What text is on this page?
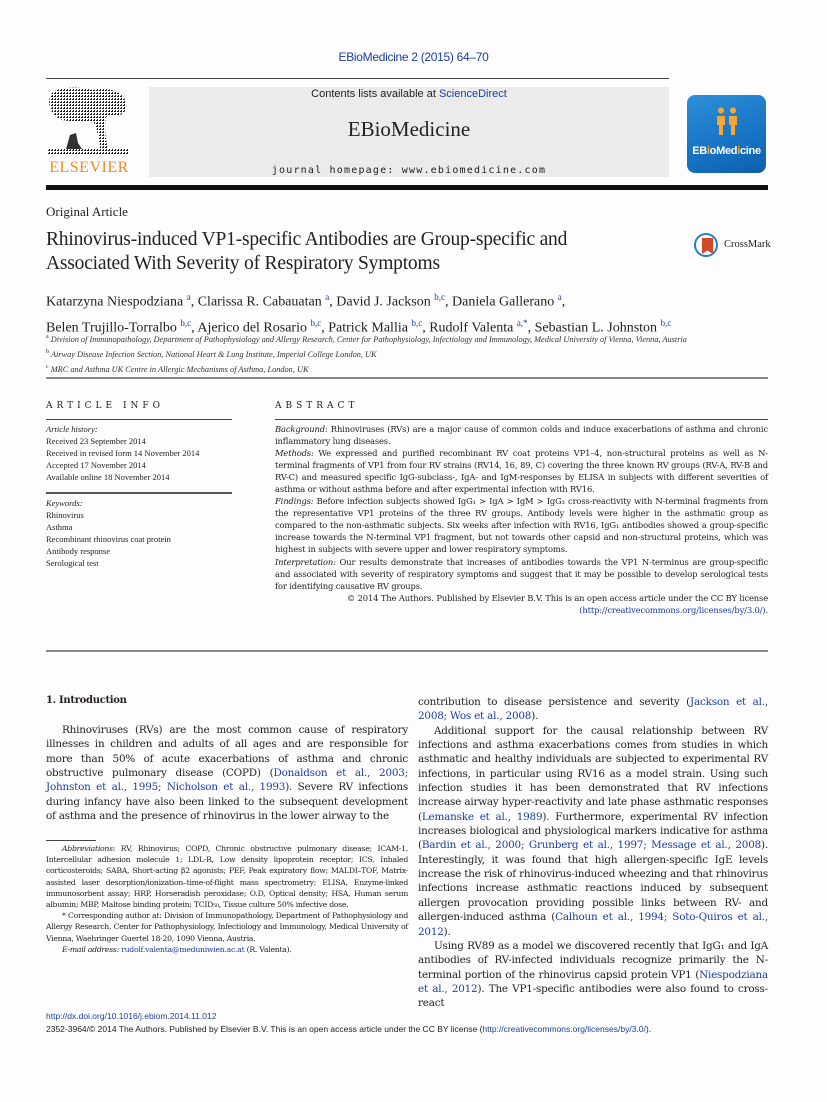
EBioMedicine 2 (2015) 64–70
ELSEVIER
Contents lists available at ScienceDirect
EBioMedicine
journal homepage: www.ebiomedicine.com
EBioMedicine
Original Article
Rhinovirus-induced VP1-specific Antibodies are Group-specific and
Associated With Severity of Respiratory Symptoms
CrossMark
Katarzyna Niespodziana $^a$, Clarissa R. Cabauatan $^a$, David J. Jackson $^{b,c}$, Daniela Gallerano $^a$,
Belen Trujillo-Torralbo $^{b,c}$, Ajerico del Rosario $^{b,c}$, Patrick Mallia $^{b,c}$, Rudolf Valenta $^{a,*}$, Sebastian L. Johnston $^{b,c}$
$^a$ Division of Immunopathology, Department of Pathophysiology and Allergy Research, Center for Pathophysiology, Infectiology and Immunology, Medical University of Vienna, Vienna, Austria
$^b$ Airway Disease Infection Section, National Heart & Lung Institute, Imperial College London, UK
$^c$ MRC and Asthma UK Centre in Allergic Mechanisms of Asthma, London, UK
ARTICLE INFO
Article history:
Received 23 September 2014
Received in revised form 14 November 2014
Accepted 17 November 2014
Available online 18 November 2014
Keywords:
Rhinovirus
Asthma
Recombinant rhinovirus coat protein
Antibody response
Serological test
ABSTRACT
Background: Rhinoviruses (RVs) are a major cause of common colds and induce exacerbations of asthma and chronic inflammatory lung diseases.
Methods: We expressed and purified recombinant RV coat proteins VP1–4, non-structural proteins as well as N-terminal fragments of VP1 from four RV strains (RV14, 16, 89, C) covering the three known RV groups (RV-A, RV-B and RV-C) and measured specific IgG-subclass-, IgA- and IgM-responses by ELISA in subjects with different severities of asthma or without asthma before and after experimental infection with RV16.
Findings: Before infection subjects showed IgG₁ > IgA > IgM > IgG₃ cross-reactivity with N-terminal fragments from the representative VP1 proteins of the three RV groups. Antibody levels were higher in the asthmatic group as compared to the non-asthmatic subjects. Six weeks after infection with RV16, IgG₁ antibodies showed a group-specific increase towards the N-terminal VP1 fragment, but not towards other capsid and non-structural proteins, which was highest in subjects with severe upper and lower respiratory symptoms.
Interpretation: Our results demonstrate that increases of antibodies towards the VP1 N-terminus are group-specific and associated with severity of respiratory symptoms and suggest that it may be possible to develop serological tests for identifying causative RV groups.
© 2014 The Authors. Published by Elsevier B.V. This is an open access article under the CC BY license
(http://creativecommons.org/licenses/by/3.0/).
1. Introduction
Rhinoviruses (RVs) are the most common cause of respiratory illnesses in children and adults of all ages and are responsible for more than 50% of acute exacerbations of asthma and chronic obstructive pulmonary disease (COPD) (Donaldson et al., 2003; Johnston et al., 1995; Nicholson et al., 1993). Severe RV infections during infancy have also been linked to the subsequent development of asthma and the presence of rhinovirus in the lower airway to the
contribution to disease persistence and severity (Jackson et al., 2008; Wos et al., 2008).
Additional support for the causal relationship between RV infections and asthma exacerbations comes from studies in which asthmatic and healthy individuals are subjected to experimental RV infections, in particular using RV16 as a model strain. Using such infection studies it has been demonstrated that RV infections increase airway hyper-reactivity and late phase asthmatic responses (Lemanske et al., 1989). Furthermore, experimental RV infection increases biological and physiological markers indicative for asthma (Bardin et al., 2000; Grunberg et al., 1997; Message et al., 2008). Interestingly, it was found that high allergen-specific IgE levels increase the risk of rhinovirus-induced wheezing and that rhinovirus infections increase asthmatic reactions induced by subsequent allergen provocation providing possible links between RV- and allergen-induced asthma (Calhoun et al., 1994; Soto-Quiros et al., 2012).
Using RV89 as a model we discovered recently that IgG₁ and IgA antibodies of RV-infected individuals recognize primarily the N-terminal portion of the rhinovirus capsid protein VP1 (Niespodziana et al., 2012). The VP1-specific antibodies were also found to cross-react
Abbreviations: RV, Rhinovirus; COPD, Chronic obstructive pulmonary disease; ICAM-1, Intercellular adhesion molecule 1; LDL-R, Low density lipoprotein receptor; ICS, Inhaled corticosteroids; SABA, Short-acting β2 agonists; PEF, Peak expiratory flow; MALDI–TOF, Matrix-assisted laser desorption/ionization–time-of-flight mass spectrometry; ELISA, Enzyme-linked immunosorbent assay; HRP, Horseradish peroxidase; O.D, Optical density; HSA, Human serum albumin; MBP, Maltose binding protein; TCID₅₀, Tissue culture 50% infective dose.
* Corresponding author at: Division of Immunopathology, Department of Pathophysiology and Allergy Research, Center for Pathophysiology, Infectiology and Immunology, Medical University of Vienna, Waehringer Guertel 18-20, 1090 Vienna, Austria.
E-mail address: rudolf.valenta@meduniwien.ac.at (R. Valenta).
http://dx.doi.org/10.1016/j.ebiom.2014.11.012
2352-3964/© 2014 The Authors. Published by Elsevier B.V. This is an open access article under the CC BY license (http://creativecommons.org/licenses/by/3.0/).
